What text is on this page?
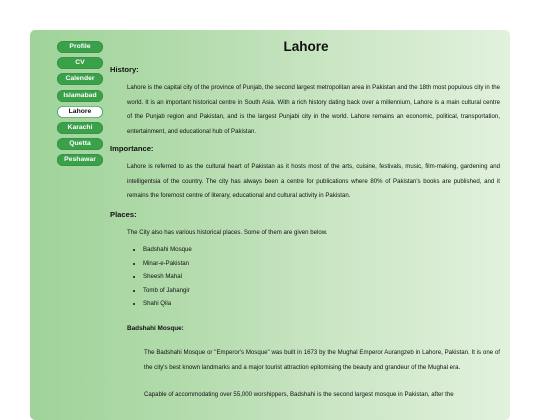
Profile
CV
Calender
Islamabad
Lahore
Karachi
Quetta
Peshawar
Lahore
History:
Lahore is the capital city of the province of Punjab, the second largest metropolitan area in Pakistan and the 18th most populous city in the world. It is an important historical centre in South Asia. With a rich history dating back over a millennium, Lahore is a main cultural centre of the Punjab region and Pakistan, and is the largest Punjabi city in the world. Lahore remains an economic, political, transportation, entertainment, and educational hub of Pakistan.
Importance:
Lahore is referred to as the cultural heart of Pakistan as it hosts most of the arts, cuisine, festivals, music, film-making, gardening and intelligentsia of the country. The city has always been a centre for publications where 80% of Pakistan's books are published, and it remains the foremost centre of literary, educational and cultural activity in Pakistan.
Places:
The City also has various historical places. Some of them are given below.
• Badshahi Mosque
• Minar-e-Pakistan
• Sheesh Mahal
• Tomb of Jahangir
• Shahi Qila
Badshahi Mosque:
The Badshahi Mosque or "Emperor's Mosque" was built in 1673 by the Mughal Emperor Aurangzeb in Lahore, Pakistan. It is one of the city's best known landmarks and a major tourist attraction epitomising the beauty and grandeur of the Mughal era.
Capable of accommodating over 55,000 worshippers, Badshahi is the second largest mosque in Pakistan, after the
